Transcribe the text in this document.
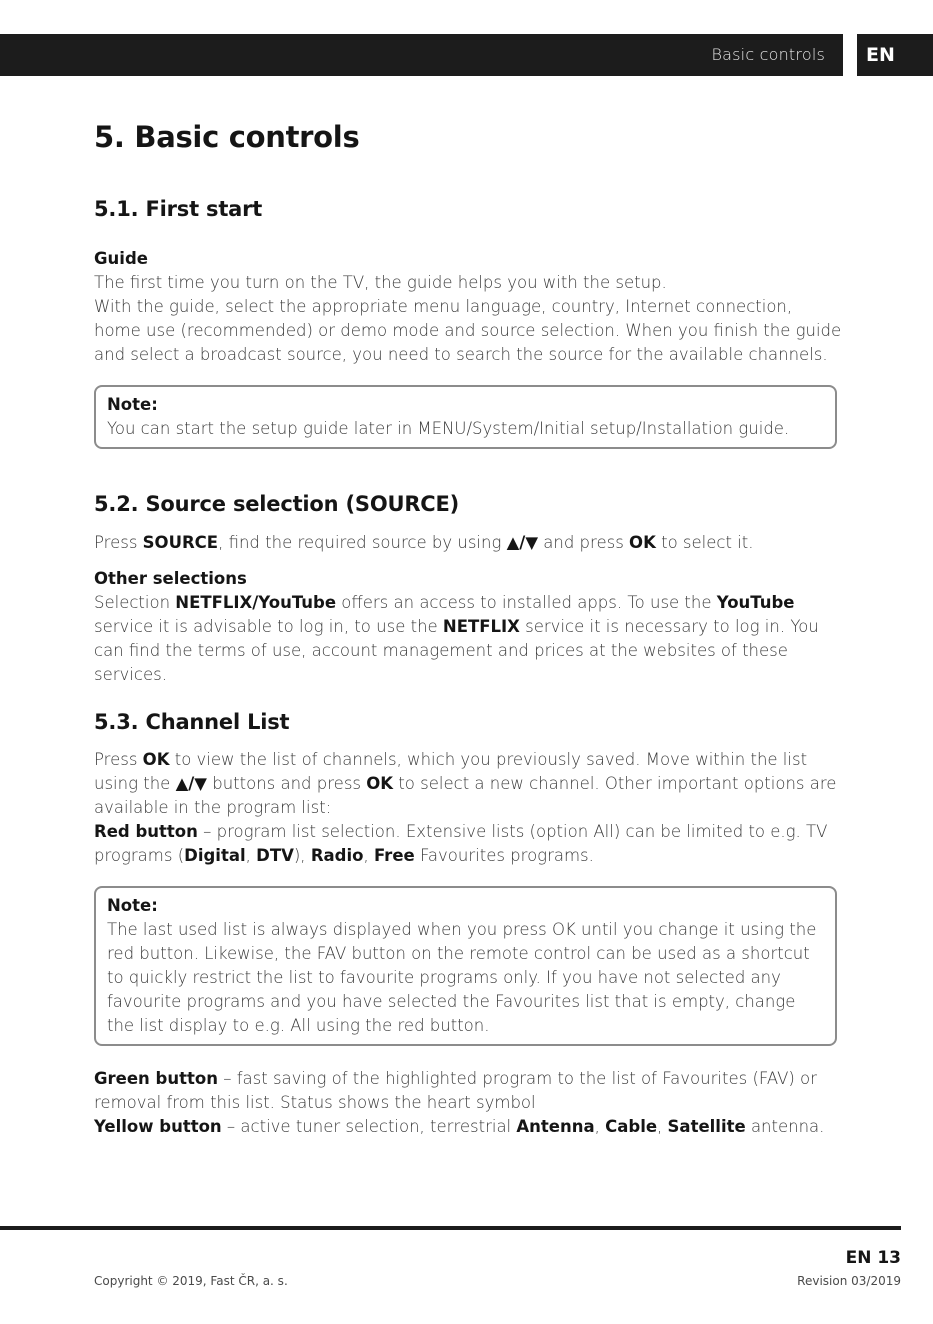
Basic controls	EN
5. Basic controls
5.1. First start
Guide

The first time you turn on the TV, the guide helps you with the setup.

With the guide, select the appropriate menu language, country, Internet connection, home use (recommended) or demo mode and source selection. When you finish the guide and select a broadcast source, you need to search the source for the available channels.

Note:
You can start the setup guide later in MENU/System/Initial setup/Installation guide.
5.2. Source selection (SOURCE)

Press SOURCE, find the required source by using ▲/▼ and press OK to select it.

Other selections

Selection NETFLIX/YouTube offers an access to installed apps. To use the YouTube service it is advisable to log in, to use the NETFLIX service it is necessary to log in. You can find the terms of use, account management and prices at the websites of these services.

5.3. Channel List

Press OK to view the list of channels, which you previously saved. Move within the list using the ▲/▼ buttons and press OK to select a new channel. Other important options are available in the program list:
Red button – program list selection. Extensive lists (option All) can be limited to e.g. TV programs (Digital, DTV), Radio, Free Favourites programs.

Note:
The last used list is always displayed when you press OK until you change it using the red button. Likewise, the FAV button on the remote control can be used as a shortcut to quickly restrict the list to favourite programs only. If you have not selected any favourite programs and you have selected the Favourites list that is empty, change the list display to e.g. All using the red button.

Green button – fast saving of the highlighted program to the list of Favourites (FAV) or removal from this list. Status shows the heart symbol
Yellow button – active tuner selection, terrestrial Antenna, Cable, Satellite antenna.

EN 13
Copyright © 2019, Fast ČR, a. s.	Revision 03/2019
